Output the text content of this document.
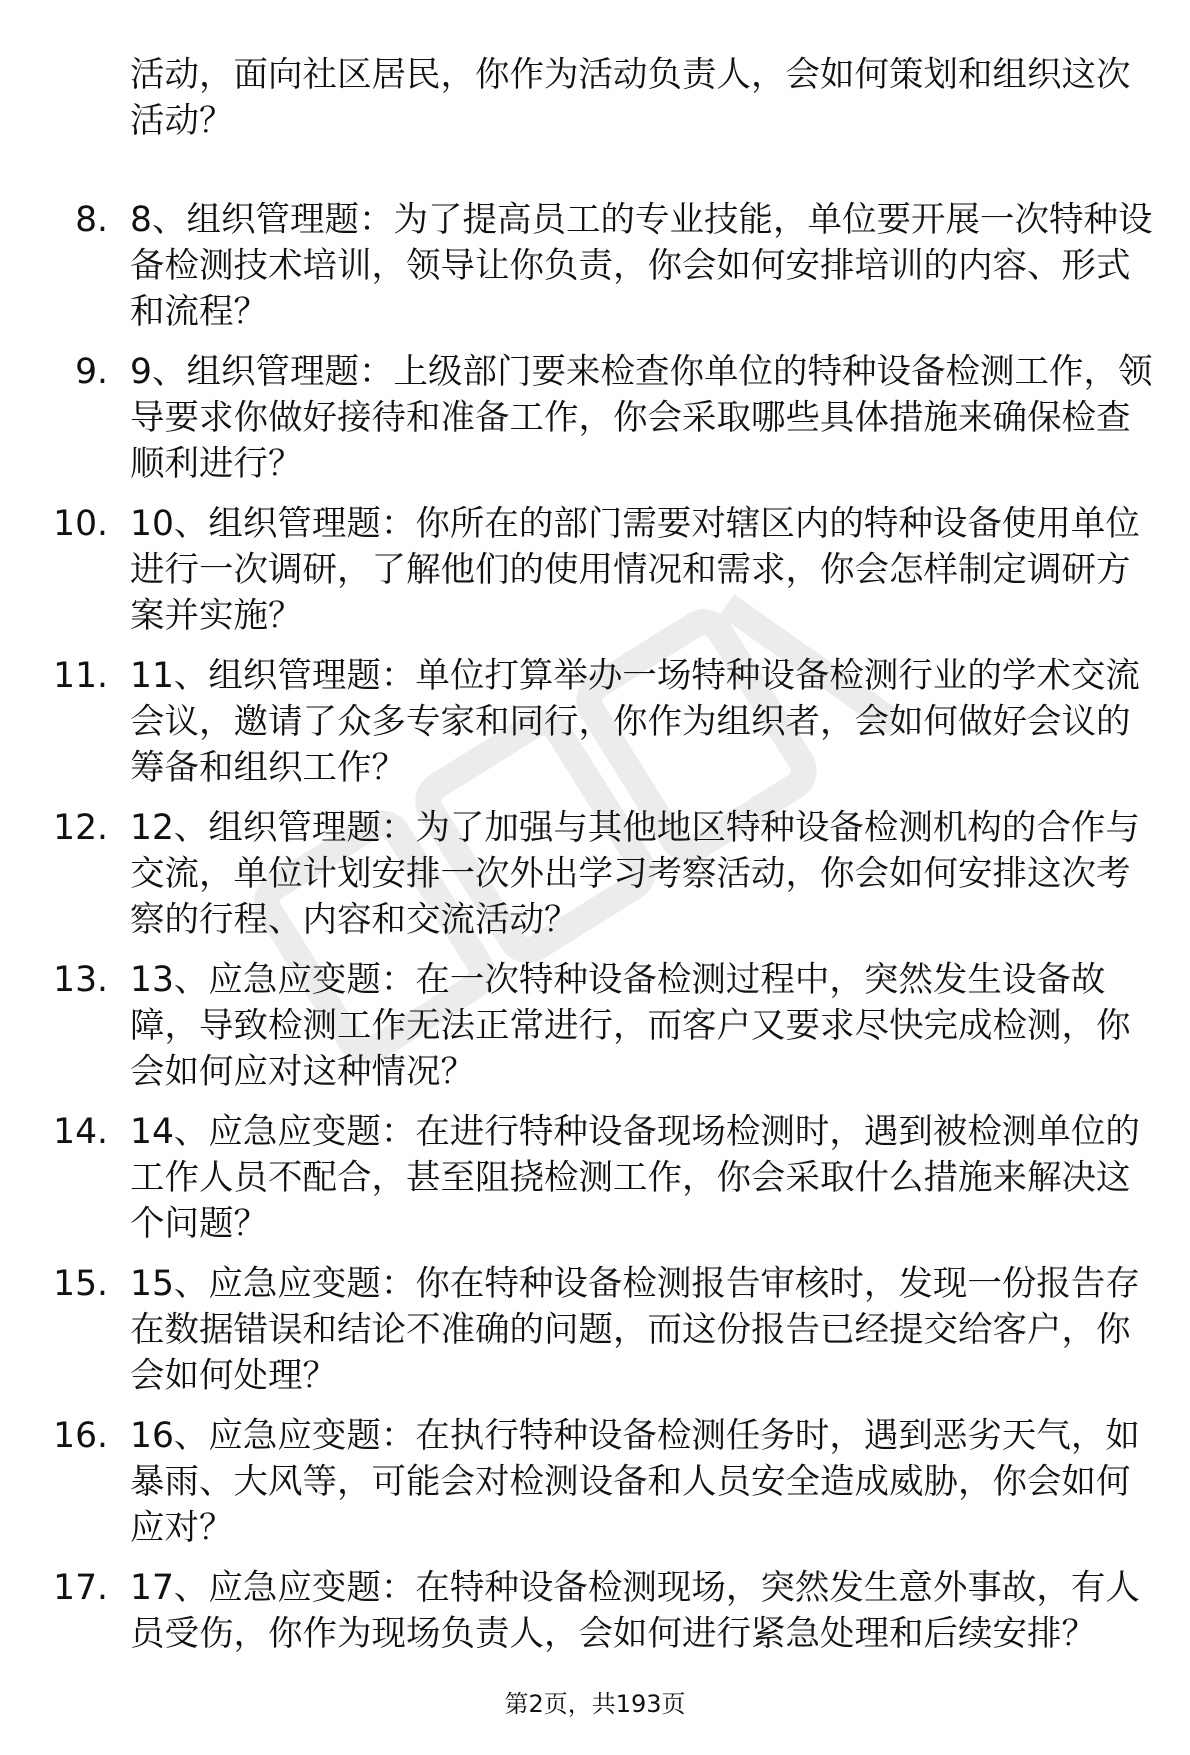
活动，面向社区居民，你作为活动负责人，会如何策划和组织这次活动？
8. 8、组织管理题：为了提高员工的专业技能，单位要开展一次特种设备检测技术培训，领导让你负责，你会如何安排培训的内容、形式和流程？
9. 9、组织管理题：上级部门要来检查你单位的特种设备检测工作，领导要求你做好接待和准备工作，你会采取哪些具体措施来确保检查顺利进行？
10. 10、组织管理题：你所在的部门需要对辖区内的特种设备使用单位进行一次调研，了解他们的使用情况和需求，你会怎样制定调研方案并实施？
11. 11、组织管理题：单位打算举办一场特种设备检测行业的学术交流会议，邀请了众多专家和同行，你作为组织者，会如何做好会议的筹备和组织工作？
12. 12、组织管理题：为了加强与其他地区特种设备检测机构的合作与交流，单位计划安排一次外出学习考察活动，你会如何安排这次考察的行程、内容和交流活动？
13. 13、应急应变题：在一次特种设备检测过程中，突然发生设备故障，导致检测工作无法正常进行，而客户又要求尽快完成检测，你会如何应对这种情况？
14. 14、应急应变题：在进行特种设备现场检测时，遇到被检测单位的工作人员不配合，甚至阻挠检测工作，你会采取什么措施来解决这个问题？
15. 15、应急应变题：你在特种设备检测报告审核时，发现一份报告存在数据错误和结论不准确的问题，而这份报告已经提交给客户，你会如何处理？
16. 16、应急应变题：在执行特种设备检测任务时，遇到恶劣天气，如暴雨、大风等，可能会对检测设备和人员安全造成威胁，你会如何应对？
17. 17、应急应变题：在特种设备检测现场，突然发生意外事故，有人员受伤，你作为现场负责人，会如何进行紧急处理和后续安排？
第2页，共193页
